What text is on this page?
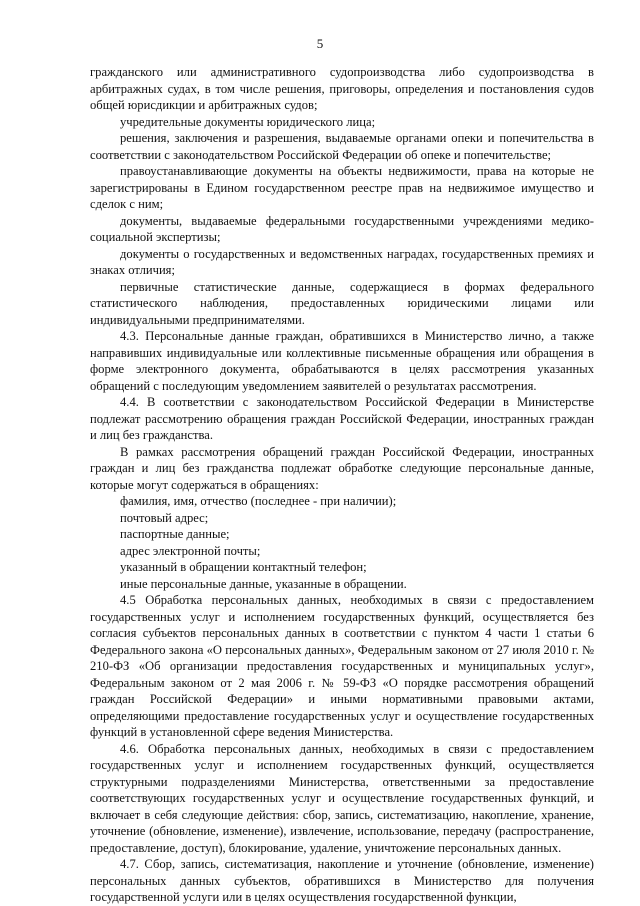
5

гражданского или административного судопроизводства либо судопроизводства в арбитражных судах, в том числе решения, приговоры, определения и постановления судов общей юрисдикции и арбитражных судов;

учредительные документы юридического лица;

решения, заключения и разрешения, выдаваемые органами опеки и попечительства в соответствии с законодательством Российской Федерации об опеке и попечительстве;

правоустанавливающие документы на объекты недвижимости, права на которые не зарегистрированы в Едином государственном реестре прав на недвижимое имущество и сделок с ним;

документы, выдаваемые федеральными государственными учреждениями медико-социальной экспертизы;

документы о государственных и ведомственных наградах, государственных премиях и знаках отличия;

первичные статистические данные, содержащиеся в формах федерального статистического наблюдения, предоставленных юридическими лицами или индивидуальными предпринимателями.

4.3. Персональные данные граждан, обратившихся в Министерство лично, а также направивших индивидуальные или коллективные письменные обращения или обращения в форме электронного документа, обрабатываются в целях рассмотрения указанных обращений с последующим уведомлением заявителей о результатах рассмотрения.

4.4. В соответствии с законодательством Российской Федерации в Министерстве подлежат рассмотрению обращения граждан Российской Федерации, иностранных граждан и лиц без гражданства.

В рамках рассмотрения обращений граждан Российской Федерации, иностранных граждан и лиц без гражданства подлежат обработке следующие персональные данные, которые могут содержаться в обращениях:

фамилия, имя, отчество (последнее - при наличии);

почтовый адрес;

паспортные данные;

адрес электронной почты;

указанный в обращении контактный телефон;

иные персональные данные, указанные в обращении.

4.5 Обработка персональных данных, необходимых в связи с предоставлением государственных услуг и исполнением государственных функций, осуществляется без согласия субъектов персональных данных в соответствии с пунктом 4 части 1 статьи 6 Федерального закона «О персональных данных», Федеральным законом от 27 июля 2010 г. № 210-ФЗ «Об организации предоставления государственных и муниципальных услуг», Федеральным законом от 2 мая 2006 г. № 59-ФЗ «О порядке рассмотрения обращений граждан Российской Федерации» и иными нормативными правовыми актами, определяющими предоставление государственных услуг и осуществление государственных функций в установленной сфере ведения Министерства.

4.6. Обработка персональных данных, необходимых в связи с предоставлением государственных услуг и исполнением государственных функций, осуществляется структурными подразделениями Министерства, ответственными за предоставление соответствующих государственных услуг и осуществление государственных функций, и включает в себя следующие действия: сбор, запись, систематизацию, накопление, хранение, уточнение (обновление, изменение), извлечение, использование, передачу (распространение, предоставление, доступ), блокирование, удаление, уничтожение персональных данных.

4.7. Сбор, запись, систематизация, накопление и уточнение (обновление, изменение) персональных данных субъектов, обратившихся в Министерство для получения государственной услуги или в целях осуществления государственной функции,
